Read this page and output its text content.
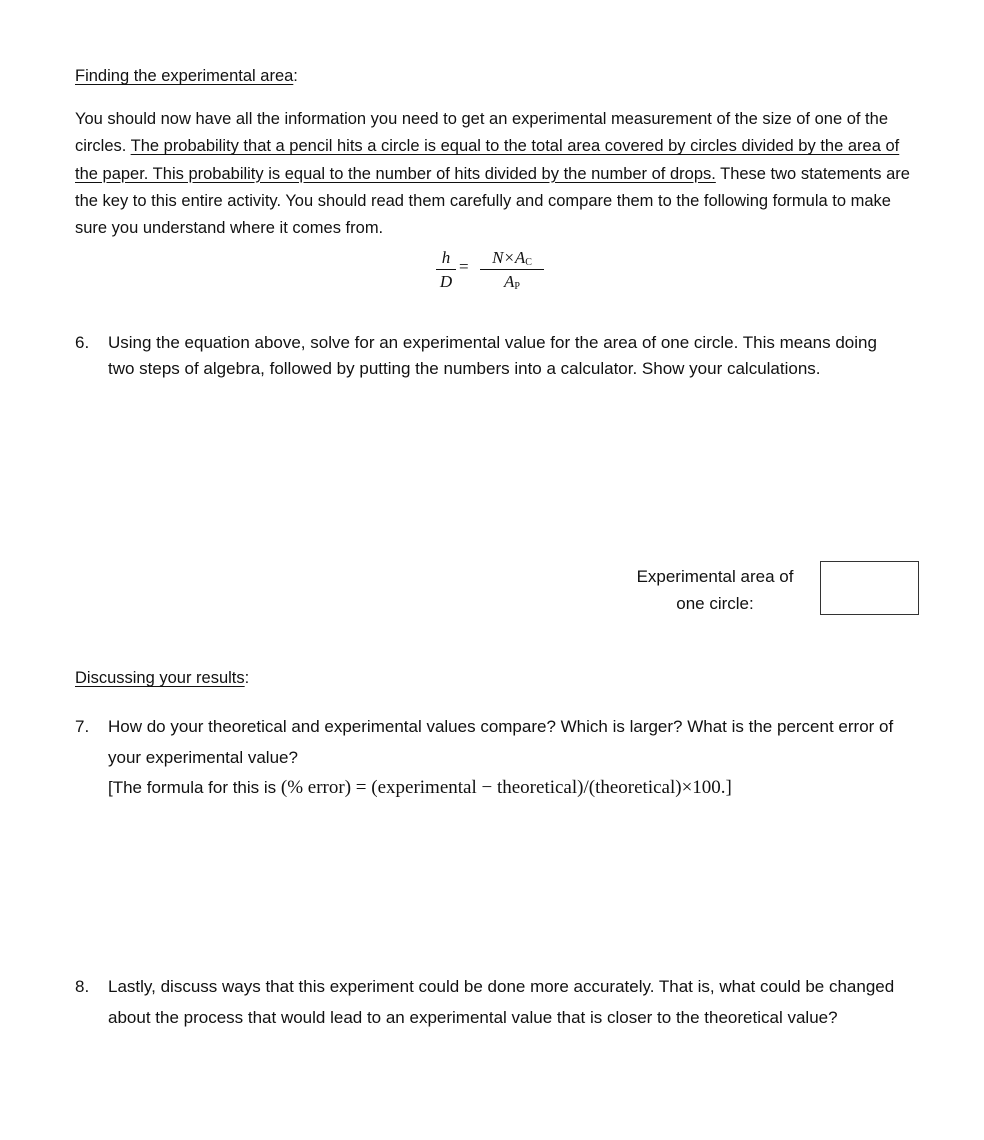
Finding the experimental area:
You should now have all the information you need to get an experimental measurement of the size of one of the circles. The probability that a pencil hits a circle is equal to the total area covered by circles divided by the area of the paper. This probability is equal to the number of hits divided by the number of drops. These two statements are the key to this entire activity. You should read them carefully and compare them to the following formula to make sure you understand where it comes from.
h
D
=	$N\times A_C$
$A_P$
6. Using the equation above, solve for an experimental value for the area of one circle. This means doing two steps of algebra, followed by putting the numbers into a calculator. Show your calculations.
Experimental area of
one circle:
Discussing your results:
7. How do your theoretical and experimental values compare? Which is larger? What is the percent error of your experimental value?
[The formula for this is (% error) = (experimental − theoretical)/(theoretical)×100.]
8. Lastly, discuss ways that this experiment could be done more accurately. That is, what could be changed about the process that would lead to an experimental value that is closer to the theoretical value?
